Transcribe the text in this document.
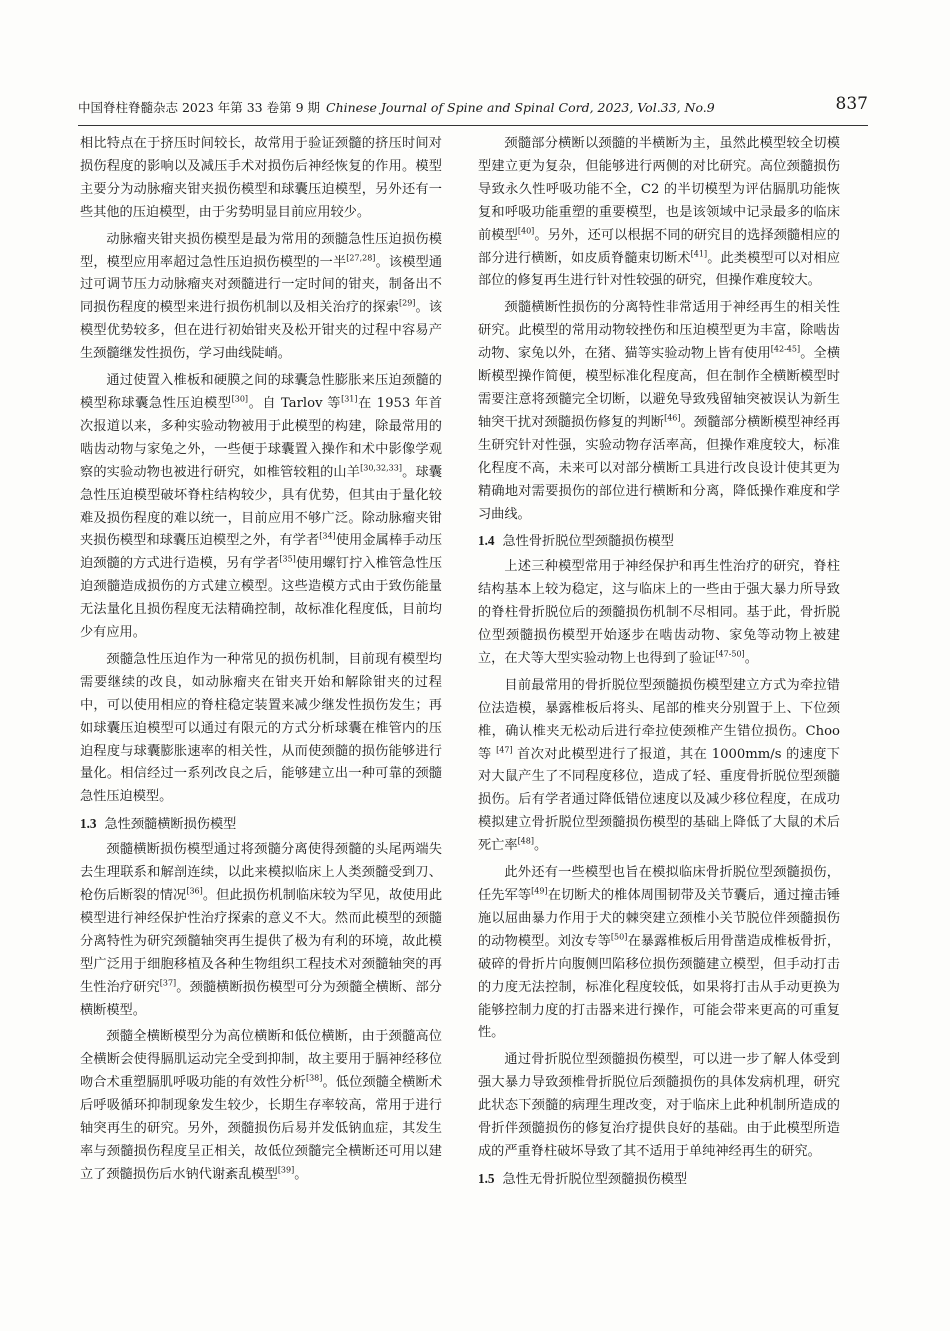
中国脊柱脊髓杂志 2023 年第 33 卷第 9 期 Chinese Journal of Spine and Spinal Cord, 2023, Vol.33, No.9	837

相比特点在于挤压时间较长，故常用于验证颈髓的挤压时间对损伤程度的影响以及减压手术对损伤后神经恢复的作用。模型主要分为动脉瘤夹钳夹损伤模型和球囊压迫模型，另外还有一些其他的压迫模型，由于劣势明显目前应用较少。

动脉瘤夹钳夹损伤模型是最为常用的颈髓急性压迫损伤模型，模型应用率超过急性压迫损伤模型的一半[27,28]。该模型通过可调节压力动脉瘤夹对颈髓进行一定时间的钳夹，制备出不同损伤程度的模型来进行损伤机制以及相关治疗的探索[29]。该模型优势较多，但在进行初始钳夹及松开钳夹的过程中容易产生颈髓继发性损伤，学习曲线陡峭。

通过使置入椎板和硬膜之间的球囊急性膨胀来压迫颈髓的模型称球囊急性压迫模型[30]。自 Tarlov 等[31]在 1953 年首次报道以来，多种实验动物被用于此模型的构建，除最常用的啮齿动物与家兔之外，一些便于球囊置入操作和术中影像学观察的实验动物也被进行研究，如椎管较粗的山羊[30,32,33]。球囊急性压迫模型破坏脊柱结构较少，具有优势，但其由于量化较难及损伤程度的难以统一，目前应用不够广泛。除动脉瘤夹钳夹损伤模型和球囊压迫模型之外，有学者[34]使用金属棒手动压迫颈髓的方式进行造模，另有学者[35]使用螺钉拧入椎管急性压迫颈髓造成损伤的方式建立模型。这些造模方式由于致伤能量无法量化且损伤程度无法精确控制，故标准化程度低，目前均少有应用。

颈髓急性压迫作为一种常见的损伤机制，目前现有模型均需要继续的改良，如动脉瘤夹在钳夹开始和解除钳夹的过程中，可以使用相应的脊柱稳定装置来减少继发性损伤发生；再如球囊压迫模型可以通过有限元的方式分析球囊在椎管内的压迫程度与球囊膨胀速率的相关性，从而使颈髓的损伤能够进行量化。相信经过一系列改良之后，能够建立出一种可靠的颈髓急性压迫模型。

1.3 急性颈髓横断损伤模型

颈髓横断损伤模型通过将颈髓分离使得颈髓的头尾两端失去生理联系和解剖连续，以此来模拟临床上人类颈髓受到刀、枪伤后断裂的情况[36]。但此损伤机制临床较为罕见，故使用此模型进行神经保护性治疗探索的意义不大。然而此模型的颈髓分离特性为研究颈髓轴突再生提供了极为有利的环境，故此模型广泛用于细胞移植及各种生物组织工程技术对颈髓轴突的再生性治疗研究[37]。颈髓横断损伤模型可分为颈髓全横断、部分横断模型。

颈髓全横断模型分为高位横断和低位横断，由于颈髓高位全横断会使得膈肌运动完全受到抑制，故主要用于膈神经移位吻合术重塑膈肌呼吸功能的有效性分析[38]。低位颈髓全横断术后呼吸循环抑制现象发生较少，长期生存率较高，常用于进行轴突再生的研究。另外，颈髓损伤后易并发低钠血症，其发生率与颈髓损伤程度呈正相关，故低位颈髓完全横断还可用以建立了颈髓损伤后水钠代谢紊乱模型[39]。

颈髓部分横断以颈髓的半横断为主，虽然此模型较全切模型建立更为复杂，但能够进行两侧的对比研究。高位颈髓损伤导致永久性呼吸功能不全，C2 的半切模型为评估膈肌功能恢复和呼吸功能重塑的重要模型，也是该领域中记录最多的临床前模型[40]。另外，还可以根据不同的研究目的选择颈髓相应的部分进行横断，如皮质脊髓束切断术[41]。此类模型可以对相应部位的修复再生进行针对性较强的研究，但操作难度较大。

颈髓横断性损伤的分离特性非常适用于神经再生的相关性研究。此模型的常用动物较挫伤和压迫模型更为丰富，除啮齿动物、家兔以外，在猪、猫等实验动物上皆有使用[42-45]。全横断模型操作简便，模型标准化程度高，但在制作全横断模型时需要注意将颈髓完全切断，以避免导致残留轴突被误认为新生轴突干扰对颈髓损伤修复的判断[46]。颈髓部分横断模型神经再生研究针对性强，实验动物存活率高，但操作难度较大，标准化程度不高，未来可以对部分横断工具进行改良设计使其更为精确地对需要损伤的部位进行横断和分离，降低操作难度和学习曲线。

1.4 急性骨折脱位型颈髓损伤模型

上述三种模型常用于神经保护和再生性治疗的研究，脊柱结构基本上较为稳定，这与临床上的一些由于强大暴力所导致的脊柱骨折脱位后的颈髓损伤机制不尽相同。基于此，骨折脱位型颈髓损伤模型开始逐步在啮齿动物、家兔等动物上被建立，在犬等大型实验动物上也得到了验证[47-50]。

目前最常用的骨折脱位型颈髓损伤模型建立方式为牵拉错位法造模，暴露椎板后将头、尾部的椎夹分别置于上、下位颈椎，确认椎夹无松动后进行牵拉使颈椎产生错位损伤。Choo 等 [47] 首次对此模型进行了报道，其在 1000mm/s 的速度下对大鼠产生了不同程度移位，造成了轻、重度骨折脱位型颈髓损伤。后有学者通过降低错位速度以及减少移位程度，在成功模拟建立骨折脱位型颈髓损伤模型的基础上降低了大鼠的术后死亡率[48]。

此外还有一些模型也旨在模拟临床骨折脱位型颈髓损伤，任先军等[49]在切断犬的椎体周围韧带及关节囊后，通过撞击锤施以屈曲暴力作用于犬的棘突建立颈椎小关节脱位伴颈髓损伤的动物模型。刘汝专等[50]在暴露椎板后用骨凿造成椎板骨折，破碎的骨折片向腹侧凹陷移位损伤颈髓建立模型，但手动打击的力度无法控制，标准化程度较低，如果将打击从手动更换为能够控制力度的打击器来进行操作，可能会带来更高的可重复性。

通过骨折脱位型颈髓损伤模型，可以进一步了解人体受到强大暴力导致颈椎骨折脱位后颈髓损伤的具体发病机理，研究此状态下颈髓的病理生理改变，对于临床上此种机制所造成的骨折伴颈髓损伤的修复治疗提供良好的基础。由于此模型所造成的严重脊柱破坏导致了其不适用于单纯神经再生的研究。

1.5 急性无骨折脱位型颈髓损伤模型
